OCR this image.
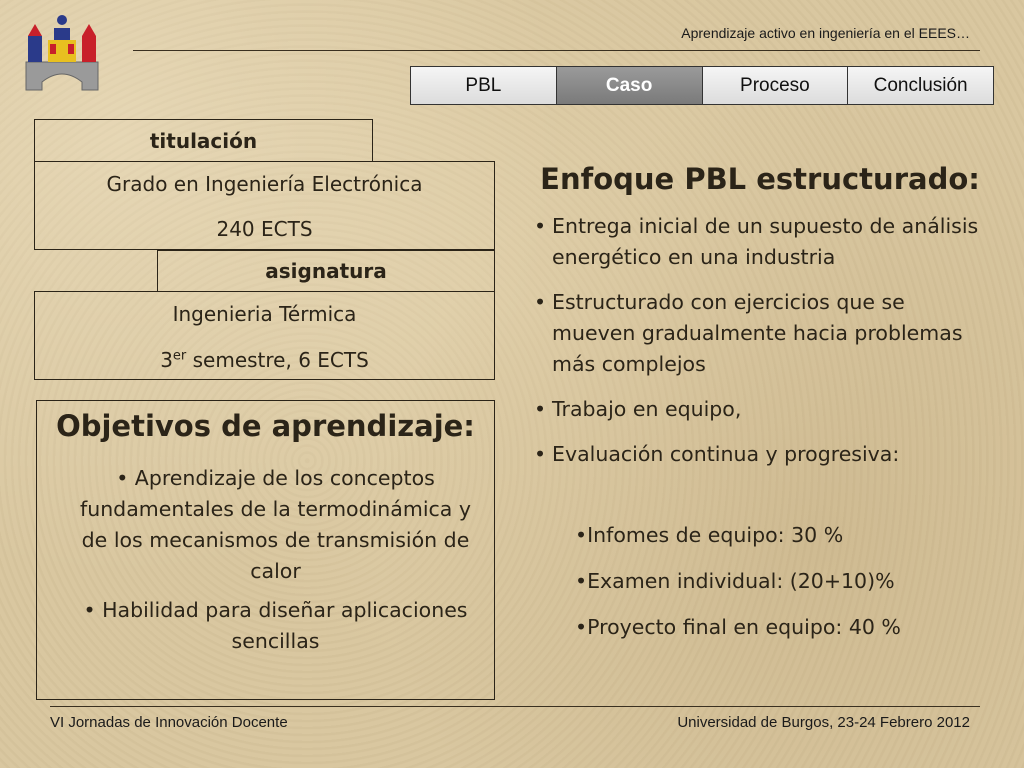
Aprendizaje activo en ingeniería en el EEES…
PBL	Caso	Proceso	Conclusión
titulación
Grado en Ingeniería Electrónica
240 ECTS
asignatura
Ingenieria Térmica
3er semestre, 6 ECTS
Objetivos de aprendizaje:
• Aprendizaje de los conceptos fundamentales de la termodinámica y de los mecanismos de transmisión de calor
• Habilidad para diseñar aplicaciones sencillas
Enfoque PBL estructurado:
• Entrega inicial de un supuesto de análisis energético en una industria
• Estructurado con ejercicios que se mueven gradualmente hacia problemas más complejos
• Trabajo en equipo,
• Evaluación continua y progresiva:
• Infomes de equipo: 30 %
• Examen individual: (20+10)%
• Proyecto final en equipo: 40 %
VI Jornadas de Innovación Docente	Universidad de Burgos, 23-24 Febrero 2012
